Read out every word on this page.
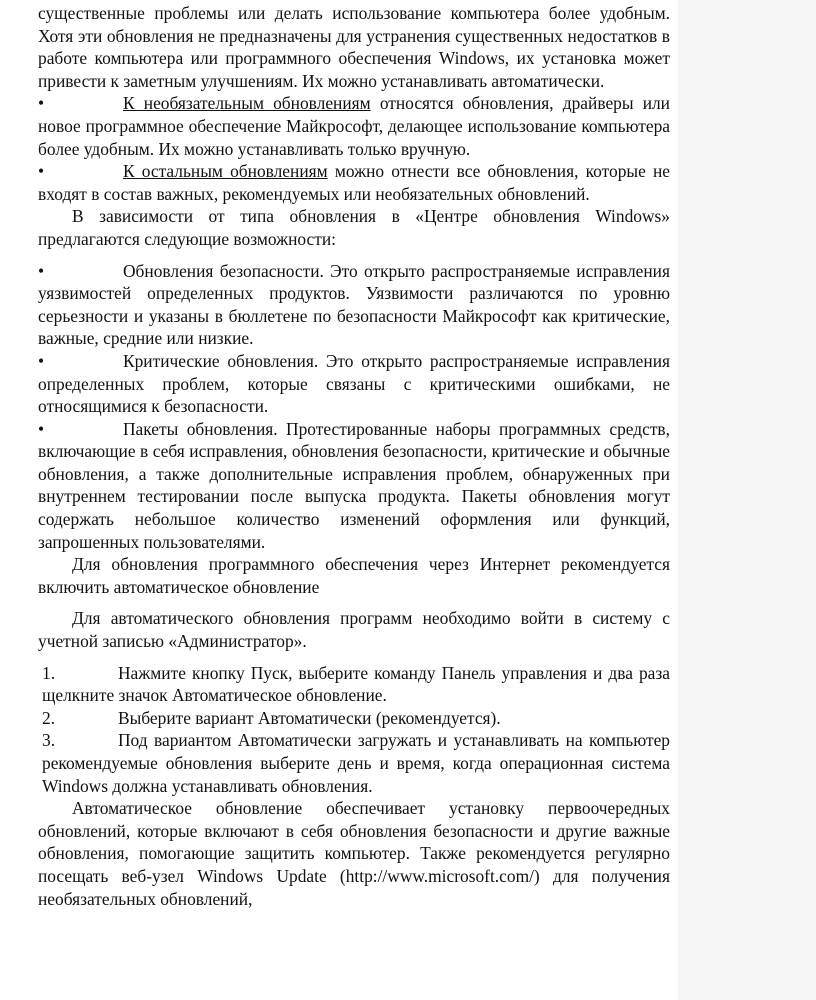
существенные проблемы или делать использование компьютера более удобным. Хотя эти обновления не предназначены для устранения существенных недостатков в работе компьютера или программного обеспечения Windows, их установка может привести к заметным улучшениям. Их можно устанавливать автоматически.

•	К необязательным обновлениям относятся обновления, драйверы или новое программное обеспечение Майкрософт, делающее использование компьютера более удобным. Их можно устанавливать только вручную.

•	К остальным обновлениям можно отнести все обновления, которые не входят в состав важных, рекомендуемых или необязательных обновлений.

В зависимости от типа обновления в «Центре обновления Windows» предлагаются следующие возможности:

•	Обновления безопасности. Это открыто распространяемые исправления уязвимостей определенных продуктов. Уязвимости различаются по уровню серьезности и указаны в бюллетене по безопасности Майкрософт как критические, важные, средние или низкие.

•	Критические обновления. Это открыто распространяемые исправления определенных проблем, которые связаны с критическими ошибками, не относящимися к безопасности.

•	Пакеты обновления. Протестированные наборы программных средств, включающие в себя исправления, обновления безопасности, критические и обычные обновления, а также дополнительные исправления проблем, обнаруженных при внутреннем тестировании после выпуска продукта. Пакеты обновления могут содержать небольшое количество изменений оформления или функций, запрошенных пользователями.

Для обновления программного обеспечения через Интернет рекомендуется включить автоматическое обновление

Для автоматического обновления программ необходимо войти в систему с учетной записью «Администратор».

1.	Нажмите кнопку Пуск, выберите команду Панель управления и два раза щелкните значок Автоматическое обновление.

2.	Выберите вариант Автоматически (рекомендуется).

3.	Под вариантом Автоматически загружать и устанавливать на компьютер рекомендуемые обновления выберите день и время, когда операционная система Windows должна устанавливать обновления.

Автоматическое обновление обеспечивает установку первоочередных обновлений, которые включают в себя обновления безопасности и другие важные обновления, помогающие защитить компьютер. Также рекомендуется регулярно посещать веб-узел Windows Update (http://www.microsoft.com/) для получения необязательных обновлений,
